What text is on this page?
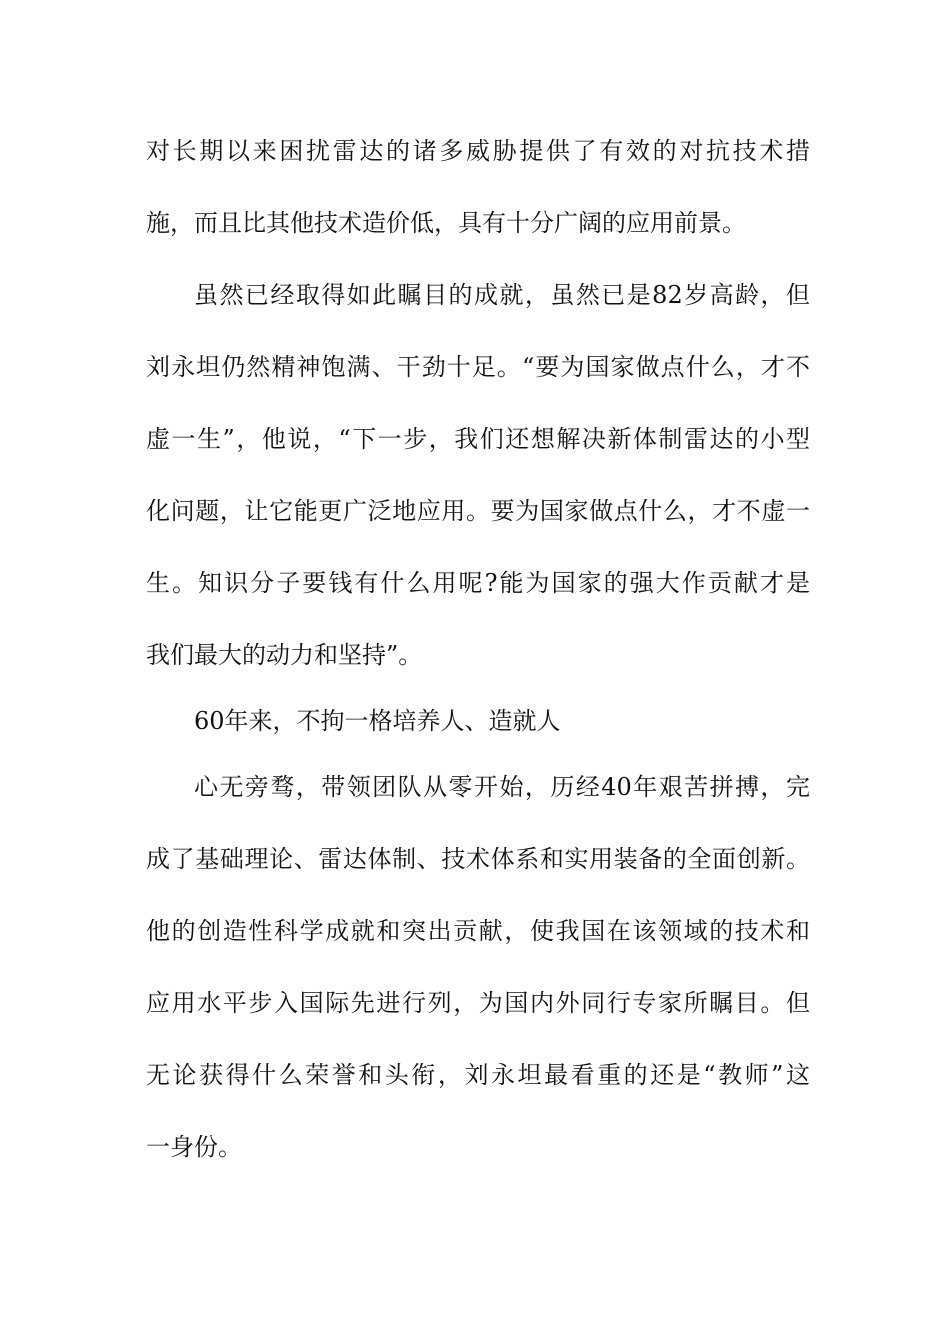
对长期以来困扰雷达的诸多威胁提供了有效的对抗技术措

施，而且比其他技术造价低，具有十分广阔的应用前景。

虽然已经取得如此瞩目的成就，虽然已是82岁高龄，但

刘永坦仍然精神饱满、干劲十足。“要为国家做点什么，才不

虚一生”，他说，“下一步，我们还想解决新体制雷达的小型

化问题，让它能更广泛地应用。要为国家做点什么，才不虚一

生。知识分子要钱有什么用呢?能为国家的强大作贡献才是

我们最大的动力和坚持”。

60年来，不拘一格培养人、造就人

心无旁骛，带领团队从零开始，历经40年艰苦拼搏，完

成了基础理论、雷达体制、技术体系和实用装备的全面创新。

他的创造性科学成就和突出贡献，使我国在该领域的技术和

应用水平步入国际先进行列，为国内外同行专家所瞩目。但

无论获得什么荣誉和头衔，刘永坦最看重的还是“教师”这

一身份。
